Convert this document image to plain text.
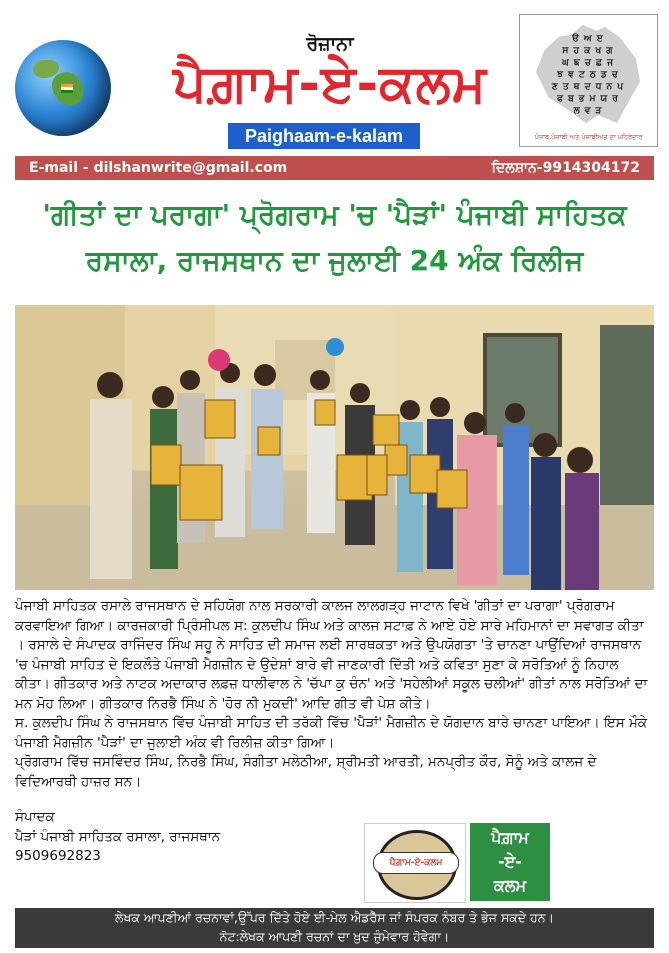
ਰੋਜ਼ਾਨਾ
ਪੈਗ਼ਾਮ-ਏ-ਕਲਮ
Paighaam-e-kalam
ੳ ਅ ੲ
ਸ ਹ ਕ ਖ ਗ
ਘ ਙ ਚ ਛ ਜ
ਝ ਞ ਟ ਠ ਡ ਢ
ਣ ਤ ਥ ਦ ਧ ਨ ਪ
ਫ ਬ ਭ ਮ ਯ ਰ
ਲ ਵ ੜ
ਪੰਜਾਬ,ਪੰਜਾਬੀ ਅਤੇ ਪੰਜਾਬੀਅਤ ਦਾ ਪਹਿਰੇਦਾਰ
E-mail - dilshanwrite@gmail.com	ਦਿਲਸ਼ਾਨ-9914304172
'ਗੀਤਾਂ ਦਾ ਪਰਾਗਾ' ਪ੍ਰੋਗਰਾਮ 'ਚ 'ਪੈੜਾਂ' ਪੰਜਾਬੀ ਸਾਹਿਤਕ
ਰਸਾਲਾ, ਰਾਜਸਥਾਨ ਦਾ ਜੁਲਾਈ 24 ਅੰਕ ਰਿਲੀਜ

ਪੰਜਾਬੀ ਸਾਹਿਤਕ ਰਸਾਲੇ ਰਾਜਸਥਾਨ ਦੇ ਸਹਿਯੋਗ ਨਾਲ ਸਰਕਾਰੀ ਕਾਲਜ ਲਾਲਗੜ੍ਹ ਜਾਟਾਨ ਵਿਖੇ 'ਗੀਤਾਂ ਦਾ ਪਰਾਗਾ' ਪ੍ਰੋਗਰਾਮ ਕਰਵਾਇਆ ਗਿਆ। ਕਾਰਜਕਾਰੀ ਪ੍ਰਿੰਸੀਪਲ ਸ: ਕੁਲਦੀਪ ਸਿੰਘ ਅਤੇ ਕਾਲਜ ਸਟਾਫ਼ ਨੇ ਆਏ ਹੋਏ ਸਾਰੇ ਮਹਿਮਾਨਾਂ ਦਾ ਸਵਾਗਤ ਕੀਤਾ । ਰਸਾਲੇ ਦੇ ਸੰਪਾਦਕ ਰਾਜਿੰਦਰ ਸਿੰਘ ਸਹੂ ਨੇ ਸਾਹਿਤ ਦੀ ਸਮਾਜ ਲਈ ਸਾਰਥਕਤਾ ਅਤੇ ਉਪਯੋਗਤਾ 'ਤੇ ਚਾਨਣਾ ਪਾਉਂਦਿਆਂ ਰਾਜਸਥਾਨ 'ਚ ਪੰਜਾਬੀ ਸਾਹਿਤ ਦੇ ਇਕਲੌਤੇ ਪੰਜਾਬੀ ਮੈਗਜ਼ੀਨ ਦੇ ਉਦੇਸ਼ਾਂ ਬਾਰੇ ਵੀ ਜਾਣਕਾਰੀ ਦਿੱਤੀ ਅਤੇ ਕਵਿਤਾ ਸੁਣਾ ਕੇ ਸਰੋਤਿਆਂ ਨੂੰ ਨਿਹਾਲ ਕੀਤਾ। ਗੀਤਕਾਰ ਅਤੇ ਨਾਟਕ ਅਦਾਕਾਰ ਲਫ਼ਜ਼ ਧਾਲੀਵਾਲ ਨੇ 'ਚੱਪਾ ਕੁ ਚੰਨ' ਅਤੇ 'ਸਹੇਲੀਆਂ ਸਕੂਲ ਚਲੀਆਂ' ਗੀਤਾਂ ਨਾਲ ਸਰੋਤਿਆਂ ਦਾ ਮਨ ਮੋਹ ਲਿਆ। ਗੀਤਕਾਰ ਨਿਰਭੈ ਸਿੰਘ ਨੇ 'ਹੋਰ ਨੀ ਮੁਕਦੀ' ਆਦਿ ਗੀਤ ਵੀ ਪੇਸ਼ ਕੀਤੇ।

ਸ. ਕੁਲਦੀਪ ਸਿੰਘ ਨੇ ਰਾਜਸਥਾਨ ਵਿੱਚ ਪੰਜਾਬੀ ਸਾਹਿਤ ਦੀ ਤਰੱਕੀ ਵਿੱਚ 'ਪੈੜਾਂ' ਮੈਗਜ਼ੀਨ ਦੇ ਯੋਗਦਾਨ ਬਾਰੇ ਚਾਨਣਾ ਪਾਇਆ। ਇਸ ਮੌਕੇ ਪੰਜਾਬੀ ਮੈਗਜ਼ੀਨ 'ਪੈੜਾਂ' ਦਾ ਜੁਲਾਈ ਅੰਕ ਵੀ ਰਿਲੀਜ਼ ਕੀਤਾ ਗਿਆ।

ਪ੍ਰੋਗਰਾਮ ਵਿੱਚ ਜਸਵਿੰਦਰ ਸਿੰਘ, ਨਿਰਭੈ ਸਿੰਘ, ਸੰਗੀਤਾ ਮਲੇਠੀਆ, ਸ਼੍ਰੀਮਤੀ ਆਰਤੀ, ਮਨਪ੍ਰੀਤ ਕੌਰ, ਸੋਨੂੰ ਅਤੇ ਕਾਲਜ ਦੇ ਵਿਦਿਆਰਥੀ ਹਾਜ਼ਰ ਸਨ।

ਸੰਪਾਦਕ
ਪੈੜਾਂ ਪੰਜਾਬੀ ਸਾਹਿਤਕ ਰਸਾਲਾ, ਰਾਜਸਥਾਨ
9509692823	ਪੈਗ਼ਾਮ-ਏ-ਕਲਮ
ਪੈਗ਼ਾਮ
-ਏ-
ਕਲਮ
ਲੇਖਕ ਆਪਣੀਆਂ ਰਚਨਾਵਾਂ,ਉੱਪਰ ਦਿੱਤੇ ਹੋਏ ਈ-ਮੇਲ ਐਡਰੈੱਸ ਜਾਂ ਸੰਪਰਕ ਨੰਬਰ ਤੇ ਭੇਜ ਸਕਦੇ ਹਨ।
ਨੋਟ:ਲੇਖਕ ਆਪਣੀ ਰਚਨਾਂ ਦਾ ਖ਼ੁਦ ਜ਼ੁੰਮੇਵਾਰ ਹੋਵੇਗਾ।
